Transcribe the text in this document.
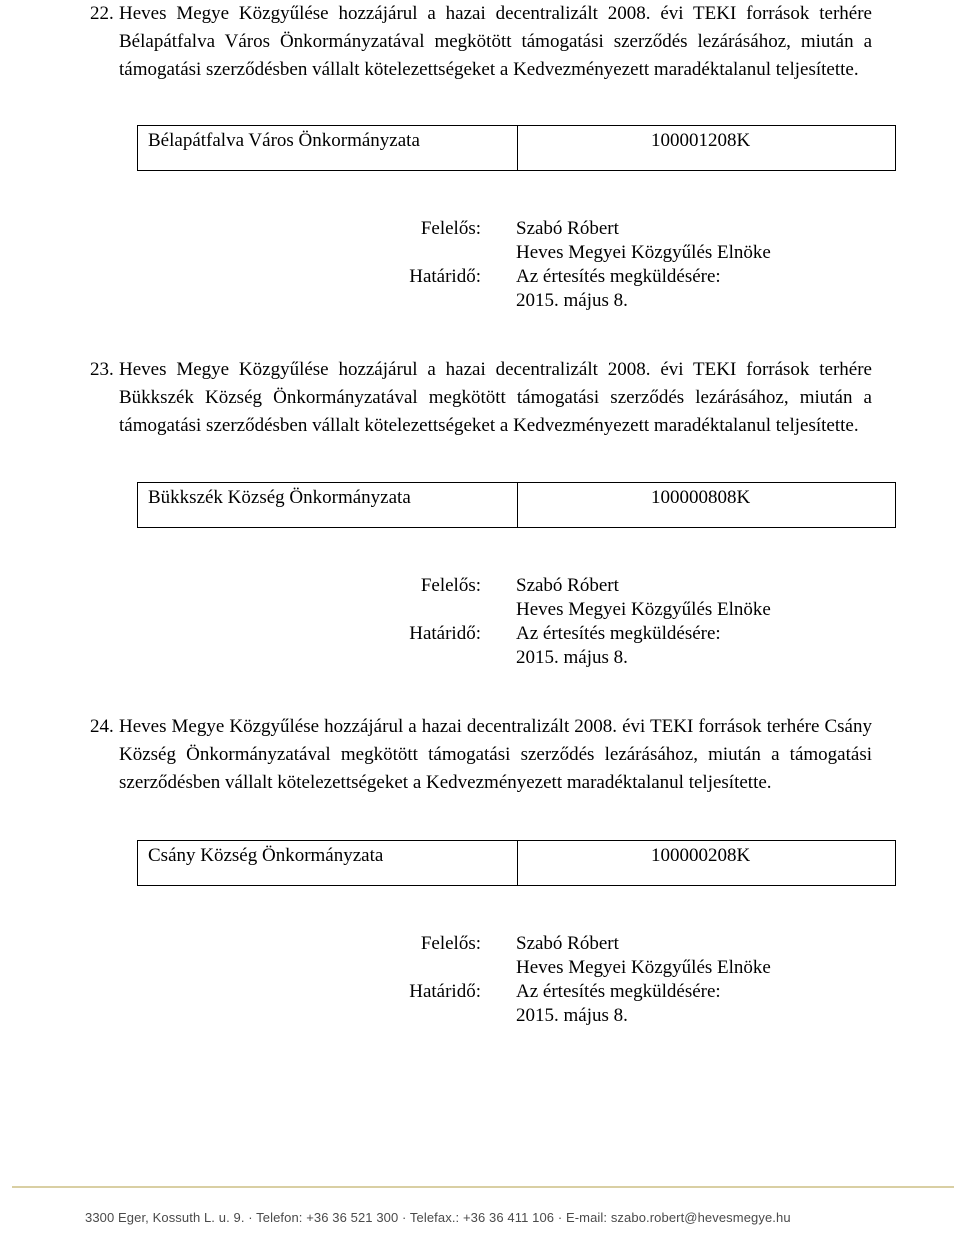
22. Heves Megye Közgyűlése hozzájárul a hazai decentralizált 2008. évi TEKI források terhére Bélapátfalva Város Önkormányzatával megkötött támogatási szerződés lezárásához, miután a támogatási szerződésben vállalt kötelezettségeket a Kedvezményezett maradéktalanul teljesítette.

Bélapátfalva Város Önkormányzata	100001208K
Felelős:	Szabó Róbert
Heves Megyei Közgyűlés Elnöke
Határidő:	Az értesítés megküldésére:
2015. május 8.

23. Heves Megye Közgyűlése hozzájárul a hazai decentralizált 2008. évi TEKI források terhére Bükkszék Község Önkormányzatával megkötött támogatási szerződés lezárásához, miután a támogatási szerződésben vállalt kötelezettségeket a Kedvezményezett maradéktalanul teljesítette.

Bükkszék Község Önkormányzata	100000808K
Felelős:	Szabó Róbert
Heves Megyei Közgyűlés Elnöke
Határidő:	Az értesítés megküldésére:
2015. május 8.

24. Heves Megye Közgyűlése hozzájárul a hazai decentralizált 2008. évi TEKI források terhére Csány Község Önkormányzatával megkötött támogatási szerződés lezárásához, miután a támogatási szerződésben vállalt kötelezettségeket a Kedvezményezett maradéktalanul teljesítette.

Csány Község Önkormányzata	100000208K
Felelős:	Szabó Róbert
Heves Megyei Közgyűlés Elnöke
Határidő:	Az értesítés megküldésére:
2015. május 8.
3300 Eger, Kossuth L. u. 9. · Telefon: +36 36 521 300 · Telefax.: +36 36 411 106 · E-mail: szabo.robert@hevesmegye.hu
